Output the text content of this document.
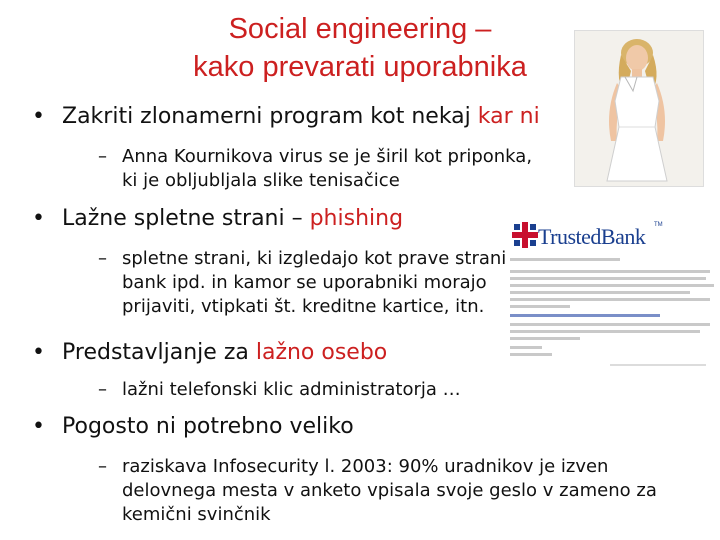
Social engineering –
kako prevarati uporabnika
TrustedBank TM
• Zakriti zlonamerni program kot nekaj kar ni
– Anna Kournikova virus se je širil kot priponka,
ki je obljubljala slike tenisačice
• Lažne spletne strani – phishing
– spletne strani, ki izgledajo kot prave strani
bank ipd. in kamor se uporabniki morajo
prijaviti, vtipkati št. kreditne kartice, itn.
• Predstavljanje za lažno osebo
– lažni telefonski klic administratorja …
• Pogosto ni potrebno veliko
– raziskava Infosecurity l. 2003: 90% uradnikov je izven
delovnega mesta v anketo vpisala svoje geslo v zameno za
kemični svinčnik
